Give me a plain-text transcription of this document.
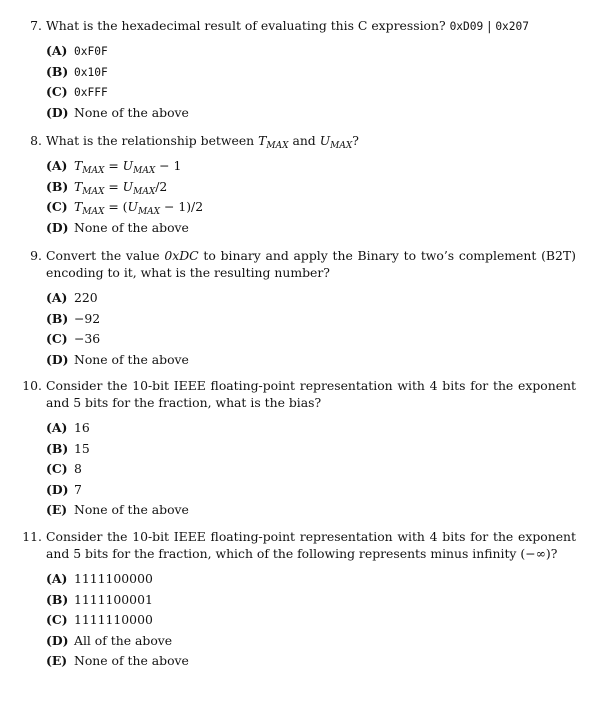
7. What is the hexadecimal result of evaluating this C expression? 0xD09 | 0x207
(A) 0xF0F
(B) 0x10F
(C) 0xFFF
(D) None of the above
8. What is the relationship between $T_{MAX}$ and $U_{MAX}$?
(A) $T_{MAX} = U_{MAX} - 1$
(B) $T_{MAX} = U_{MAX}/2$
(C) $T_{MAX} = (U_{MAX} - 1)/2$
(D) None of the above
9. Convert the value 0xDC to binary and apply the Binary to two’s complement (B2T) encoding to it, what is the resulting number?
(A) 220
(B) −92
(C) −36
(D) None of the above
10. Consider the 10-bit IEEE floating-point representation with 4 bits for the exponent and 5 bits for the fraction, what is the bias?
(A) 16
(B) 15
(C) 8
(D) 7
(E) None of the above
11. Consider the 10-bit IEEE floating-point representation with 4 bits for the exponent and 5 bits for the fraction, which of the following represents minus infinity (−∞)?
(A) 1111100000
(B) 1111100001
(C) 1111110000
(D) All of the above
(E) None of the above
